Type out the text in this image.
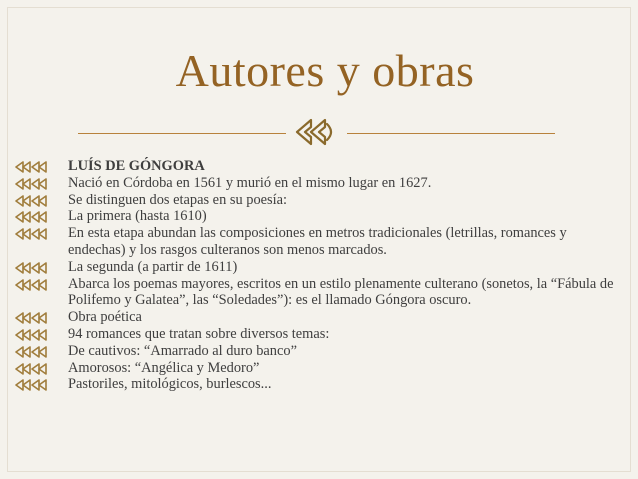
Autores y obras
LUÍS DE GÓNGORA
Nació en Córdoba en 1561 y murió en el mismo lugar en 1627.
Se distinguen dos etapas en su poesía:
La primera (hasta 1610)
En esta etapa abundan las composiciones en metros tradicionales (letrillas, romances y endechas) y los rasgos culteranos son menos marcados.
La segunda (a partir de 1611)
Abarca los poemas mayores, escritos en un estilo plenamente culterano (sonetos, la “Fábula de Polifemo y Galatea”, las “Soledades”): es el llamado Góngora oscuro.
Obra poética
94 romances que tratan sobre diversos temas:
De cautivos: “Amarrado al duro banco”
Amorosos: “Angélica y Medoro”
Pastoriles, mitológicos, burlescos...
